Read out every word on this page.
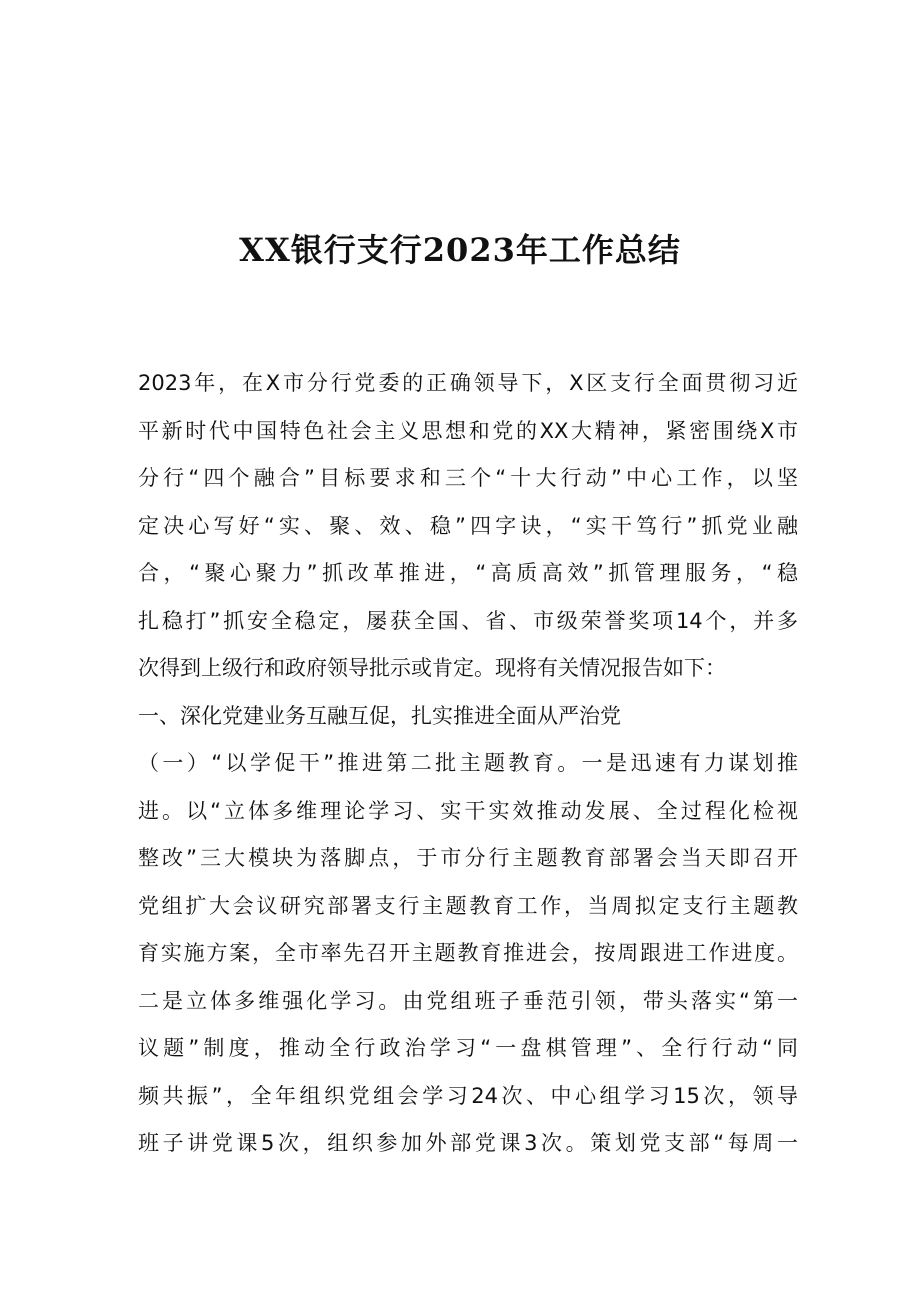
XX银行支行2023年工作总结
2023年，在X市分行党委的正确领导下，X区支行全面贯彻习近
平新时代中国特色社会主义思想和党的XX大精神，紧密围绕X市
分行“四个融合”目标要求和三个“十大行动”中心工作，以坚
定决心写好“实、聚、效、稳”四字诀，“实干笃行”抓党业融
合，“聚心聚力”抓改革推进，“高质高效”抓管理服务，“稳
扎稳打”抓安全稳定，屡获全国、省、市级荣誉奖项14个，并多
次得到上级行和政府领导批示或肯定。现将有关情况报告如下：
一、深化党建业务互融互促，扎实推进全面从严治党
（一）“以学促干”推进第二批主题教育。一是迅速有力谋划推
进。以“立体多维理论学习、实干实效推动发展、全过程化检视
整改”三大模块为落脚点，于市分行主题教育部署会当天即召开
党组扩大会议研究部署支行主题教育工作，当周拟定支行主题教
育实施方案，全市率先召开主题教育推进会，按周跟进工作进度。
二是立体多维强化学习。由党组班子垂范引领，带头落实“第一
议题”制度，推动全行政治学习“一盘棋管理”、全行行动“同
频共振”，全年组织党组会学习24次、中心组学习15次，领导
班子讲党课5次，组织参加外部党课3次。策划党支部“每周一
